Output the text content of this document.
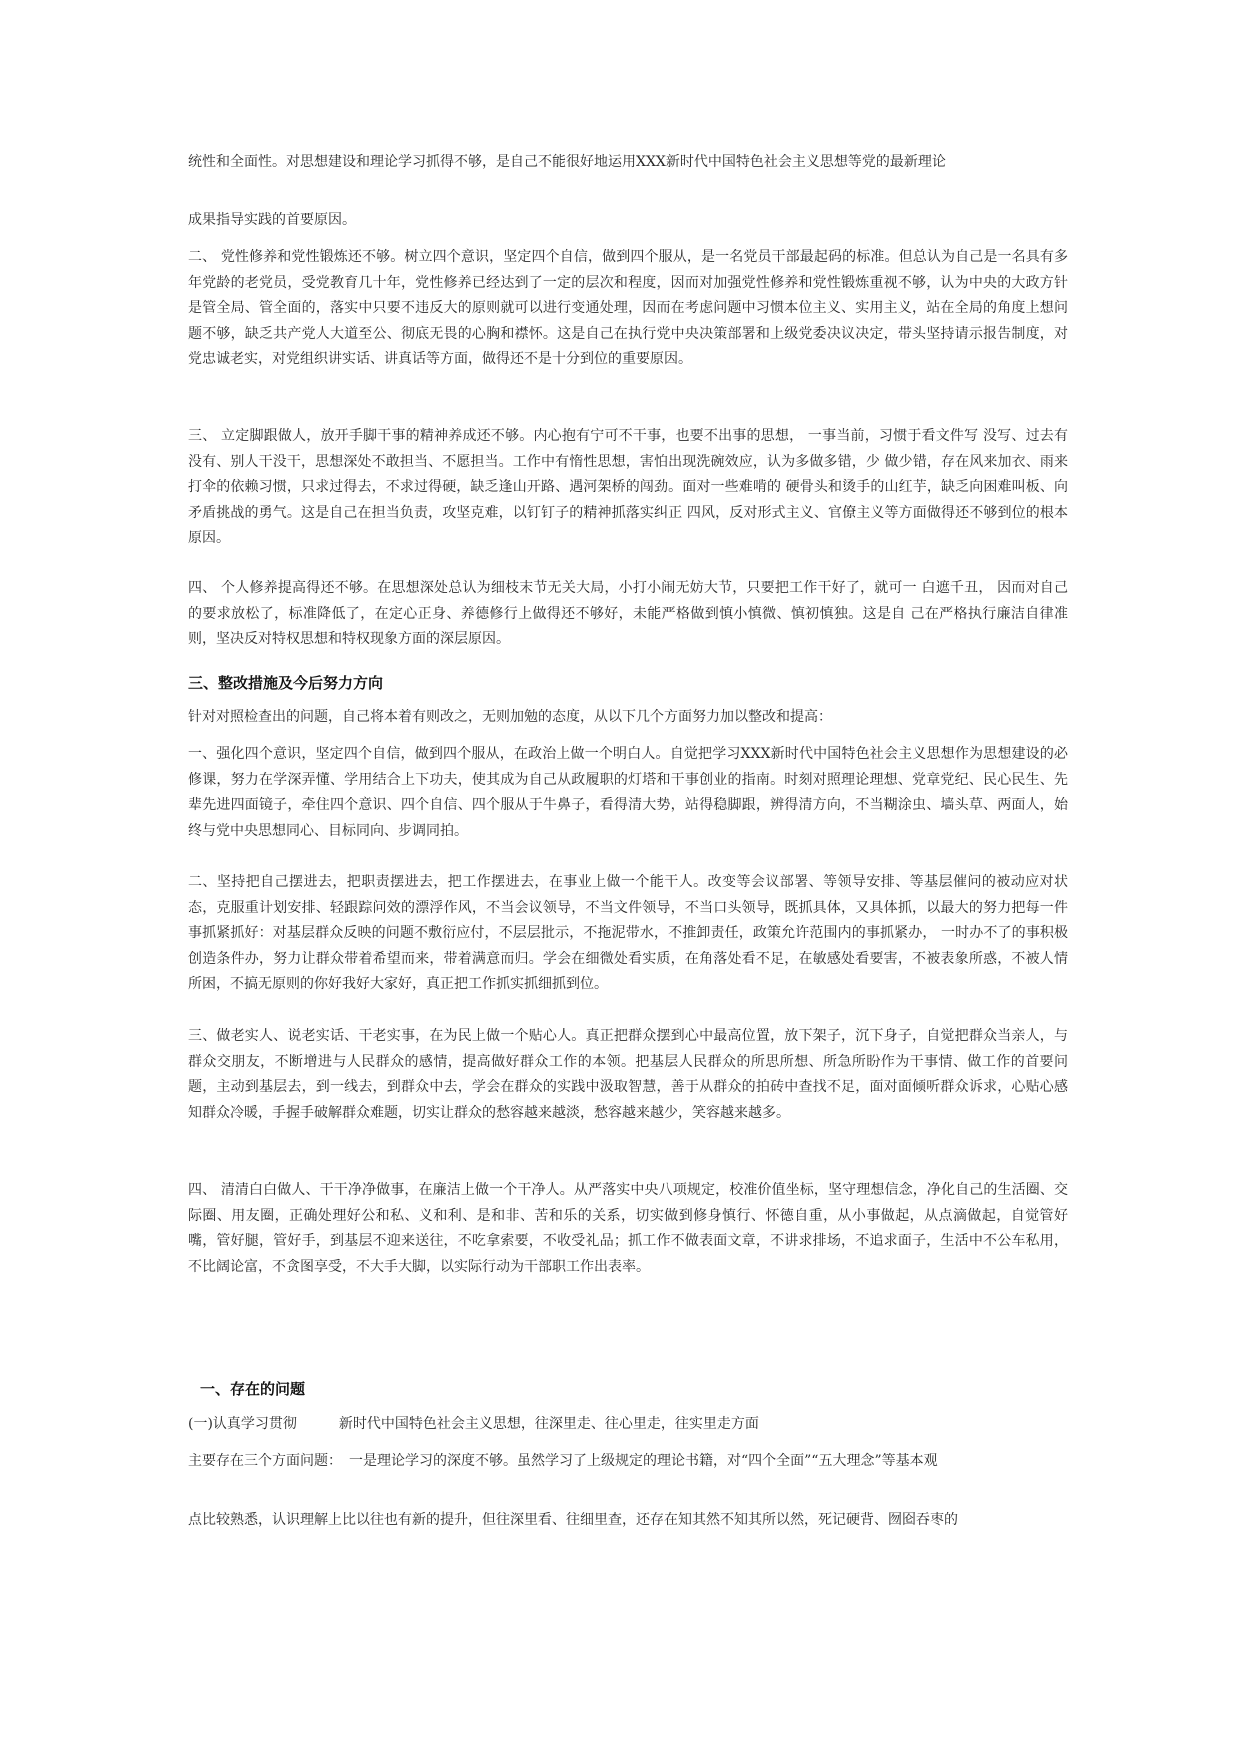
统性和全面性。对思想建设和理论学习抓得不够，是自己不能很好地运用XXX新时代中国特色社会主义思想等党的最新理论

成果指导实践的首要原因。

二、 党性修养和党性锻炼还不够。树立四个意识，坚定四个自信，做到四个服从，是一名党员干部最起码的标准。但总认为自己是一名具有多年党龄的老党员，受党教育几十年，党性修养已经达到了一定的层次和程度，因而对加强党性修养和党性锻炼重视不够，认为中央的大政方针是管全局、管全面的，落实中只要不违反大的原则就可以进行变通处理，因而在考虑问题中习惯本位主义、实用主义，站在全局的角度上想问题不够，缺乏共产党人大道至公、彻底无畏的心胸和襟怀。这是自己在执行党中央决策部署和上级党委决议决定，带头坚持请示报告制度，对党忠诚老实，对党组织讲实话、讲真话等方面，做得还不是十分到位的重要原因。

三、 立定脚跟做人，放开手脚干事的精神养成还不够。内心抱有宁可不干事，也要不出事的思想， 一事当前，习惯于看文件写 没写、过去有没有、别人干没干，思想深处不敢担当、不愿担当。工作中有惰性思想，害怕出现洗碗效应，认为多做多错，少 做少错，存在风来加衣、雨来打伞的依赖习惯，只求过得去，不求过得硬，缺乏逢山开路、遇河架桥的闯劲。面对一些难啃的 硬骨头和烫手的山红芋，缺乏向困难叫板、向矛盾挑战的勇气。这是自己在担当负责，攻坚克难，以钉钉子的精神抓落实纠正 四风，反对形式主义、官僚主义等方面做得还不够到位的根本原因。

四、 个人修养提高得还不够。在思想深处总认为细枝末节无关大局，小打小闹无妨大节，只要把工作干好了，就可一 白遮千丑， 因而对自己的要求放松了，标准降低了，在定心正身、养德修行上做得还不够好，未能严格做到慎小慎微、慎初慎独。这是自 己在严格执行廉洁自律准则，坚决反对特权思想和特权现象方面的深层原因。

三、整改措施及今后努力方向

针对对照检查出的问题，自己将本着有则改之，无则加勉的态度，从以下几个方面努力加以整改和提高：

一、强化四个意识，坚定四个自信，做到四个服从，在政治上做一个明白人。自觉把学习XXX新时代中国特色社会主义思想作为思想建设的必修课，努力在学深弄懂、学用结合上下功夫，使其成为自己从政履职的灯塔和干事创业的指南。时刻对照理论理想、党章党纪、民心民生、先辈先进四面镜子，牵住四个意识、四个自信、四个服从于牛鼻子，看得清大势，站得稳脚跟，辨得清方向，不当糊涂虫、墙头草、两面人，始终与党中央思想同心、目标同向、步调同拍。

二、坚持把自己摆进去，把职责摆进去，把工作摆进去，在事业上做一个能干人。改变等会议部署、等领导安排、等基层催问的被动应对状态，克服重计划安排、轻跟踪问效的漂浮作风，不当会议领导，不当文件领导，不当口头领导，既抓具体，又具体抓，以最大的努力把每一件事抓紧抓好：对基层群众反映的问题不敷衍应付，不层层批示，不拖泥带水，不推卸责任，政策允许范围内的事抓紧办， 一时办不了的事积极创造条件办，努力让群众带着希望而来，带着满意而归。学会在细微处看实质，在角落处看不足，在敏感处看要害，不被表象所惑，不被人情所困，不搞无原则的你好我好大家好，真正把工作抓实抓细抓到位。

三、做老实人、说老实话、干老实事，在为民上做一个贴心人。真正把群众摆到心中最高位置，放下架子，沉下身子，自觉把群众当亲人，与群众交朋友，不断增进与人民群众的感情，提高做好群众工作的本领。把基层人民群众的所思所想、所急所盼作为干事情、做工作的首要问题，主动到基层去，到一线去，到群众中去，学会在群众的实践中汲取智慧，善于从群众的拍砖中查找不足，面对面倾听群众诉求，心贴心感知群众冷暖，手握手破解群众难题，切实让群众的愁容越来越淡，愁容越来越少，笑容越来越多。

四、 清清白白做人、干干净净做事，在廉洁上做一个干净人。从严落实中央八项规定，校准价值坐标，坚守理想信念，净化自己的生活圈、交际圈、用友圈，正确处理好公和私、义和利、是和非、苦和乐的关系，切实做到修身慎行、怀德自重，从小事做起，从点滴做起，自觉管好嘴，管好腿，管好手，到基层不迎来送往，不吃拿索要，不收受礼品；抓工作不做表面文章，不讲求排场，不追求面子，生活中不公车私用，不比阔论富，不贪图享受，不大手大脚，以实际行动为干部职工作出表率。

一、存在的问题

(一)认真学习贯彻　　　新时代中国特色社会主义思想，往深里走、往心里走，往实里走方面

主要存在三个方面问题：　一是理论学习的深度不够。虽然学习了上级规定的理论书籍，对“四个全面”“五大理念”等基本观

点比较熟悉，认识理解上比以往也有新的提升，但往深里看、往细里查，还存在知其然不知其所以然，死记硬背、囫囵吞枣的
